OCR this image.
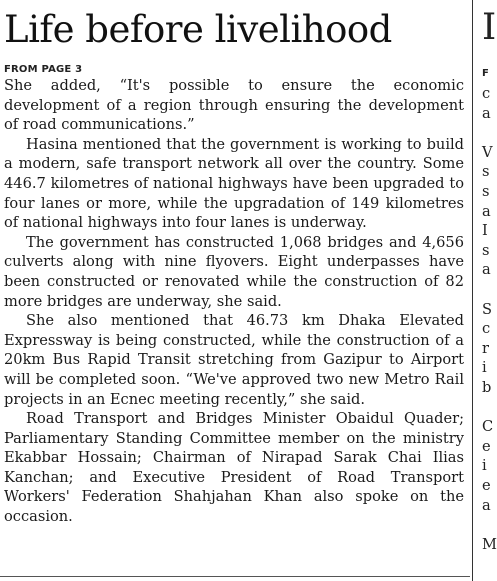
Life before livelihood
FROM PAGE 3

She added, “It's possible to ensure the economic development of a region through ensuring the development of road communications.”

Hasina mentioned that the government is working to build a modern, safe transport network all over the country. Some 446.7 kilometres of national highways have been upgraded to four lanes or more, while the upgradation of 149 kilometres of national highways into four lanes is underway.

The government has constructed 1,068 bridges and 4,656 culverts along with nine flyovers. Eight underpasses have been constructed or renovated while the construction of 82 more bridges are underway, she said.

She also mentioned that 46.73 km Dhaka Elevated Expressway is being constructed, while the construction of a 20km Bus Rapid Transit stretching from Gazipur to Airport will be completed soon. “We've approved two new Metro Rail projects in an Ecnec meeting recently,” she said.

Road Transport and Bridges Minister Obaidul Quader; Parliamentary Standing Committee member on the ministry Ekabbar Hossain; Chairman of Nirapad Sarak Chai Ilias Kanchan; and Executive President of Road Transport Workers' Federation Shahjahan Khan also spoke on the occasion.

I
F
c
a
V
s
s
a
I
s
a
S
c
r
i
b
C
e
i
e
a
M
